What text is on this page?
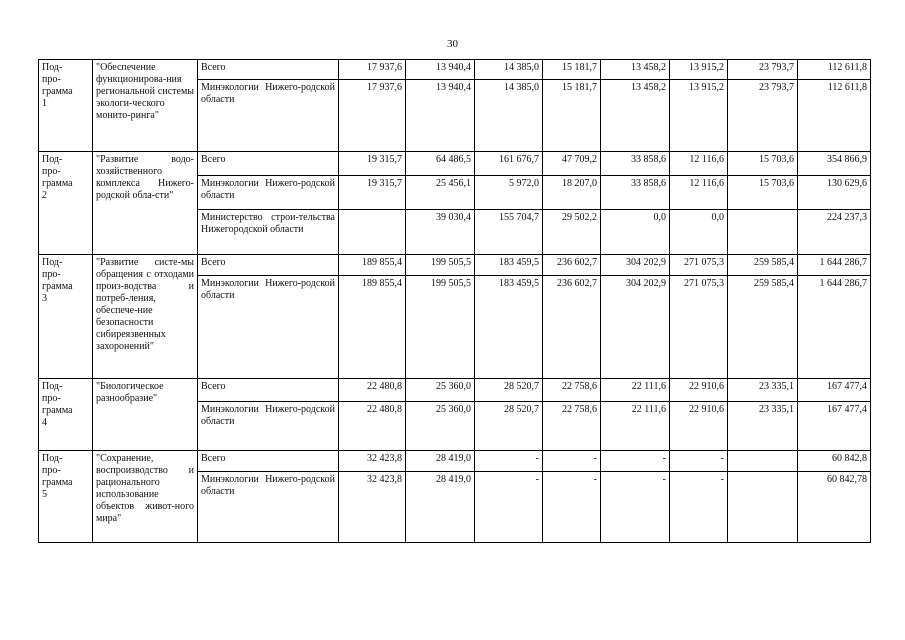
30
Под-
про-
грамма
1	"Обеспечение функционирова-ния региональной системы экологи-ческого монито-ринга"	Всего	17 937,6	13 940,4	14 385,0	15 181,7	13 458,2	13 915,2	23 793,7	112 611,8
		Минэкологии Нижего-родской области	17 937,6	13 940,4	14 385,0	15 181,7	13 458,2	13 915,2	23 793,7	112 611,8
Под-
про-
грамма
2	"Развитие водо-хозяйственного комплекса Нижего-родской обла-сти"	Всего	19 315,7	64 486,5	161 676,7	47 709,2	33 858,6	12 116,6	15 703,6	354 866,9
		Минэкологии Нижего-родской области	19 315,7	25 456,1	5 972,0	18 207,0	33 858,6	12 116,6	15 703,6	130 629,6
		Министерство строи-тельства Нижегородской области		39 030,4	155 704,7	29 502,2	0,0	0,0		224 237,3
Под-
про-
грамма
3	"Развитие систе-мы обращения с отходами произ-водства и потреб-ления, обеспече-ние безопасности сибиреязвенных захоронений"	Всего	189 855,4	199 505,5	183 459,5	236 602,7	304 202,9	271 075,3	259 585,4	1 644 286,7
		Минэкологии Нижего-родской области	189 855,4	199 505,5	183 459,5	236 602,7	304 202,9	271 075,3	259 585,4	1 644 286,7
Под-
про-
грамма
4	"Биологическое разнообразие"	Всего	22 480,8	25 360,0	28 520,7	22 758,6	22 111,6	22 910,6	23 335,1	167 477,4
		Минэкологии Нижего-родской области	22 480,8	25 360,0	28 520,7	22 758,6	22 111,6	22 910,6	23 335,1	167 477,4
Под-
про-
грамма
5	"Сохранение, воспроизводство и рационального использование объектов живот-ного мира"	Всего	32 423,8	28 419,0	-	-	-	-		60 842,8
		Минэкологии Нижего-родской области	32 423,8	28 419,0	-	-	-	-		60 842,78
